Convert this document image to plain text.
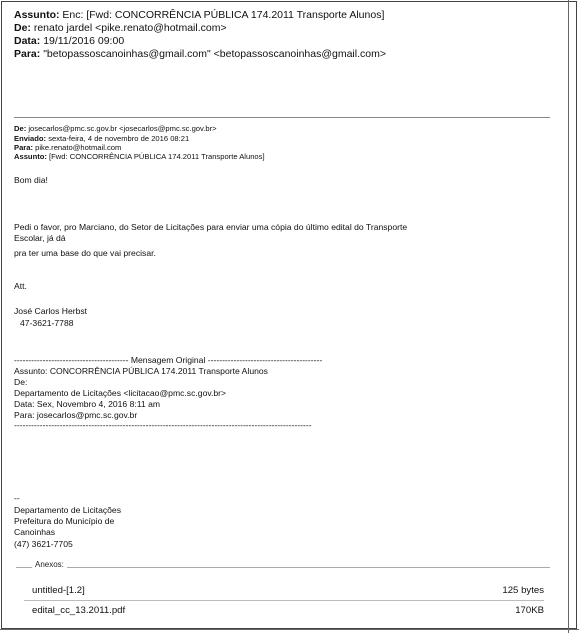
Assunto: Enc: [Fwd: CONCORRÊNCIA PÚBLICA 174.2011 Transporte Alunos]
De: renato jardel <pike.renato@hotmail.com>
Data: 19/11/2016 09:00
Para: "betopassoscanoinhas@gmail.com" <betopassoscanoinhas@gmail.com>
De: josecarlos@pmc.sc.gov.br <josecarlos@pmc.sc.gov.br>
Enviado: sexta-feira, 4 de novembro de 2016 08:21
Para: pike.renato@hotmail.com
Assunto: [Fwd: CONCORRÊNCIA PÚBLICA 174.2011 Transporte Alunos]
Bom dia!
Pedi o favor, pro Marciano, do Setor de Licitações para enviar uma cópia do último edital do Transporte
Escolar, já dá
pra ter uma base do que vai precisar.
Att.
José Carlos Herbst
47-3621-7788
---------------------------------------- Mensagem Original ----------------------------------------
Assunto: CONCORRÊNCIA PÚBLICA 174.2011 Transporte Alunos
De:
Departamento de Licitações <licitacao@pmc.sc.gov.br>
Data: Sex, Novembro 4, 2016 8:11 am
Para: josecarlos@pmc.sc.gov.br
--------------------------------------------------------------------------------------------------------
--
Departamento de Licitações
Prefeitura do Município de
Canoinhas
(47) 3621-7705
Anexos:
untitled-[1.2]	125 bytes
edital_cc_13.2011.pdf	170KB
